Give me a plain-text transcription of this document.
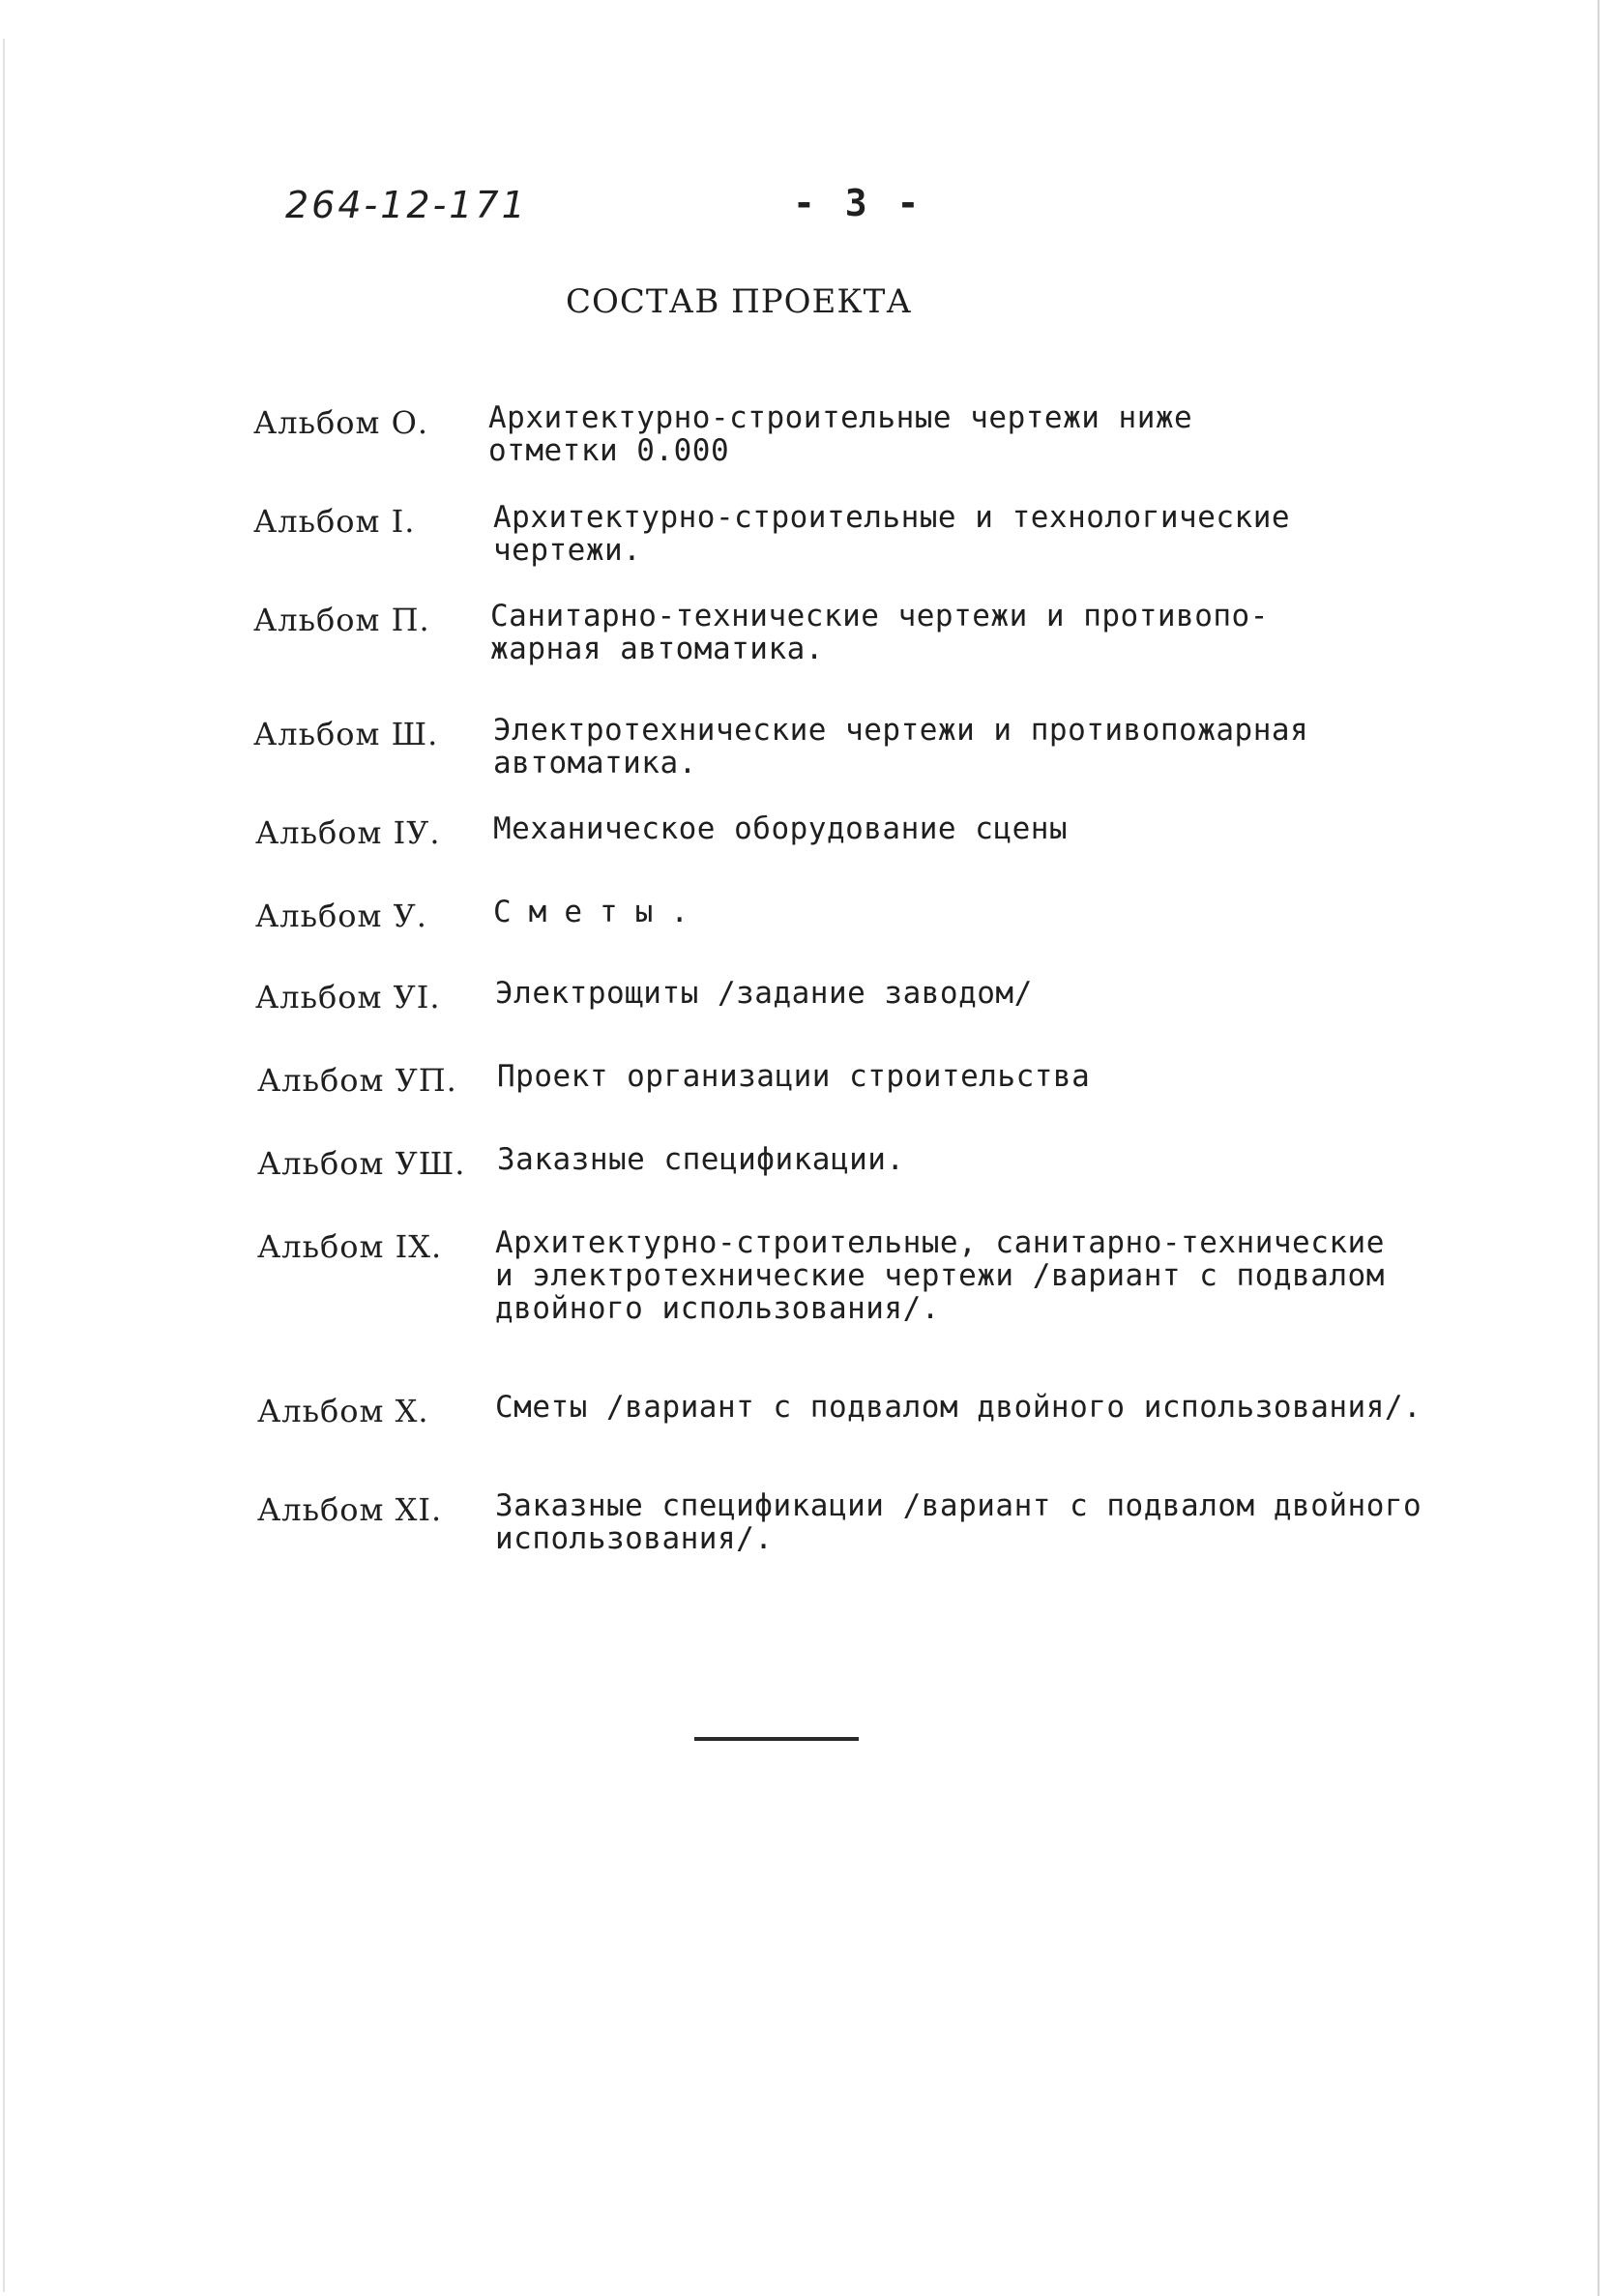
264-12-171	- 3 -
СОСТАВ ПРОЕКТА
Альбом О. Архитектурно-строительные чертежи ниже
отметки 0.000
Альбом I.	Архитектурно-строительные и технологические
чертежи.
Альбом П. Санитарно-технические чертежи и противопо-
жарная автоматика.
Альбом Ш. Электротехнические чертежи и противопожарная
автоматика.
Альбом IУ. Механическое оборудование сцены
Альбом У. Сметы.
Альбом УI. Электрощиты /задание заводом/
Альбом УП. Проект организации строительства
Альбом УШ. Заказные спецификации.
Альбом IX. Архитектурно-строительные, санитарно-технические
и электротехнические чертежи /вариант с подвалом
двойного использования/.
Альбом X. Сметы /вариант с подвалом двойного использования/.
Альбом XI. Заказные спецификации /вариант с подвалом двойного
использования/.
